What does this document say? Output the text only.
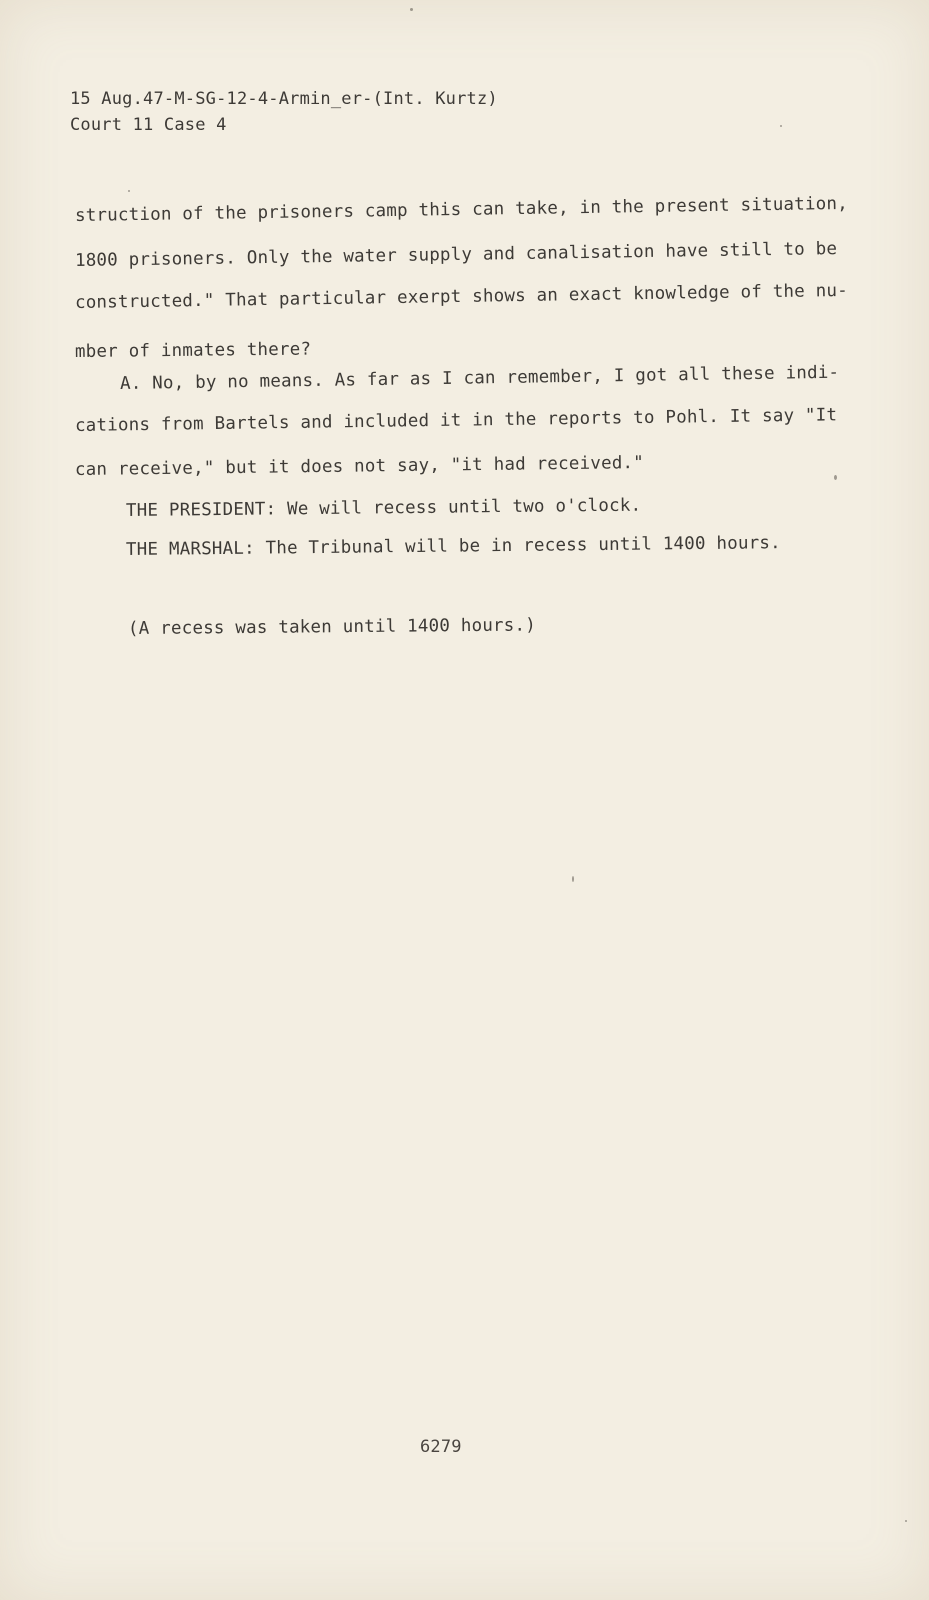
15 Aug.47-M-SG-12-4-Armin_er-(Int. Kurtz)
Court 11 Case 4
struction of the prisoners camp this can take, in the present situation,
1800 prisoners. Only the water supply and canalisation have still to be
constructed." That particular exerpt shows an exact knowledge of the nu-
mber of inmates there?
A. No, by no means. As far as I can remember, I got all these indi-
cations from Bartels and included it in the reports to Pohl. It say "It
can receive," but it does not say, "it had received."
THE PRESIDENT: We will recess until two o'clock.
THE MARSHAL: The Tribunal will be in recess until 1400 hours.
(A recess was taken until 1400 hours.)
6279
